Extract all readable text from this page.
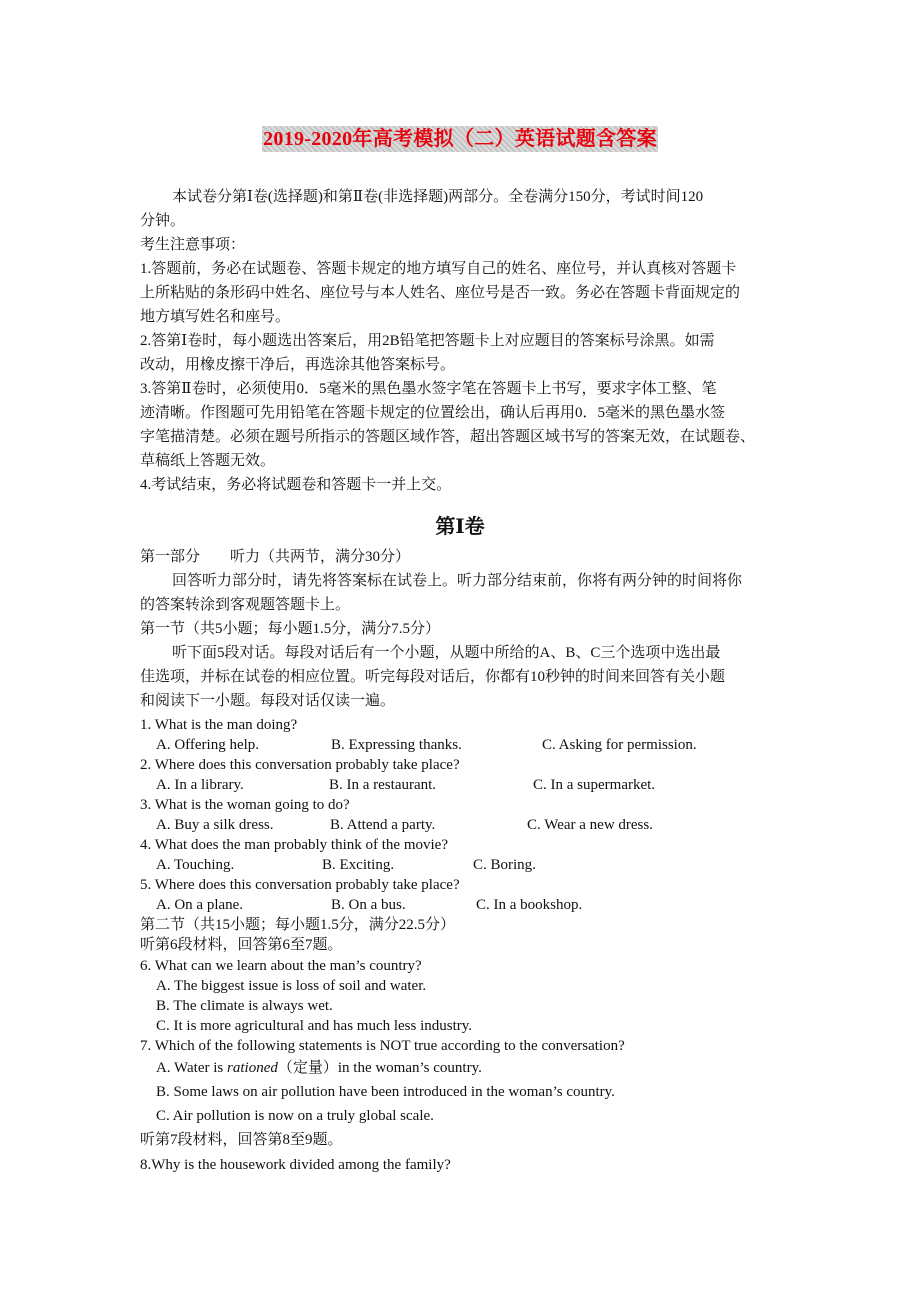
2019-2020年高考模拟（二）英语试题含答案
本试卷分第Ⅰ卷(选择题)和第Ⅱ卷(非选择题)两部分。全卷满分150分，考试时间120
分钟。
考生注意事项：
1.答题前，务必在试题卷、答题卡规定的地方填写自己的姓名、座位号，并认真核对答题卡
上所粘贴的条形码中姓名、座位号与本人姓名、座位号是否一致。务必在答题卡背面规定的
地方填写姓名和座号。
2.答第Ⅰ卷时，每小题选出答案后，用2B铅笔把答题卡上对应题目的答案标号涂黑。如需
改动，用橡皮擦干净后，再选涂其他答案标号。
3.答第Ⅱ卷时，必须使用0．5毫米的黑色墨水签字笔在答题卡上书写，要求字体工整、笔
迹清晰。作图题可先用铅笔在答题卡规定的位置绘出，确认后再用0．5毫米的黑色墨水签
字笔描清楚。必须在题号所指示的答题区域作答，超出答题区域书写的答案无效，在试题卷、
草稿纸上答题无效。
4.考试结束，务必将试题卷和答题卡一并上交。
第Ⅰ卷
第一部分　　听力（共两节，满分30分）
回答听力部分时，请先将答案标在试卷上。听力部分结束前，你将有两分钟的时间将你
的答案转涂到客观题答题卡上。
第一节（共5小题；每小题1.5分，满分7.5分）
听下面5段对话。每段对话后有一个小题，从题中所给的A、B、C三个选项中选出最
佳选项，并标在试卷的相应位置。听完每段对话后，你都有10秒钟的时间来回答有关小题
和阅读下一小题。每段对话仅读一遍。
1. What is the man doing?
A. Offering help.	B. Expressing thanks.	C. Asking for permission.
2. Where does this conversation probably take place?
A. In a library.	B. In a restaurant.	C. In a supermarket.
3. What is the woman going to do?
A. Buy a silk dress.	B. Attend a party.	C. Wear a new dress.
4. What does the man probably think of the movie?
A. Touching.	B. Exciting.	C. Boring.
5. Where does this conversation probably take place?
A. On a plane.	B. On a bus.	C. In a bookshop.
第二节（共15小题；每小题1.5分，满分22.5分）
听第6段材料，回答第6至7题。
6. What can we learn about the man’s country?
A. The biggest issue is loss of soil and water.
B. The climate is always wet.
C. It is more agricultural and has much less industry.
7. Which of the following statements is NOT true according to the conversation?
A. Water is rationed（定量）in the woman’s country.
B. Some laws on air pollution have been introduced in the woman’s country.
C. Air pollution is now on a truly global scale.
听第7段材料，回答第8至9题。
8.Why is the housework divided among the family?
